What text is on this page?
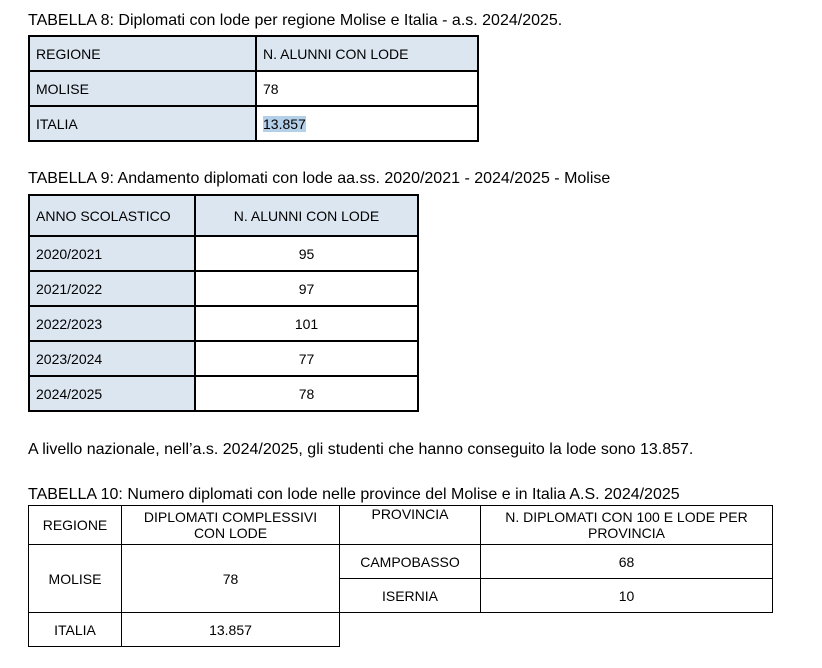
TABELLA 8: Diplomati con lode per regione Molise e Italia - a.s. 2024/2025.
REGIONE	N. ALUNNI CON LODE
MOLISE	78
ITALIA	13.857
TABELLA 9: Andamento diplomati con lode aa.ss. 2020/2021 - 2024/2025 - Molise
ANNO SCOLASTICO	N. ALUNNI CON LODE
2020/2021	95
2021/2022	97
2022/2023	101
2023/2024	77
2024/2025	78
A livello nazionale, nell’a.s. 2024/2025, gli studenti che hanno conseguito la lode sono 13.857.
TABELLA 10: Numero diplomati con lode nelle province del Molise e in Italia A.S. 2024/2025
REGIONE	DIPLOMATI COMPLESSIVI CON LODE	PROVINCIA	N. DIPLOMATI CON 100 E LODE PER PROVINCIA
MOLISE	78	CAMPOBASSO	68
		ISERNIA	10
ITALIA	13.857		
